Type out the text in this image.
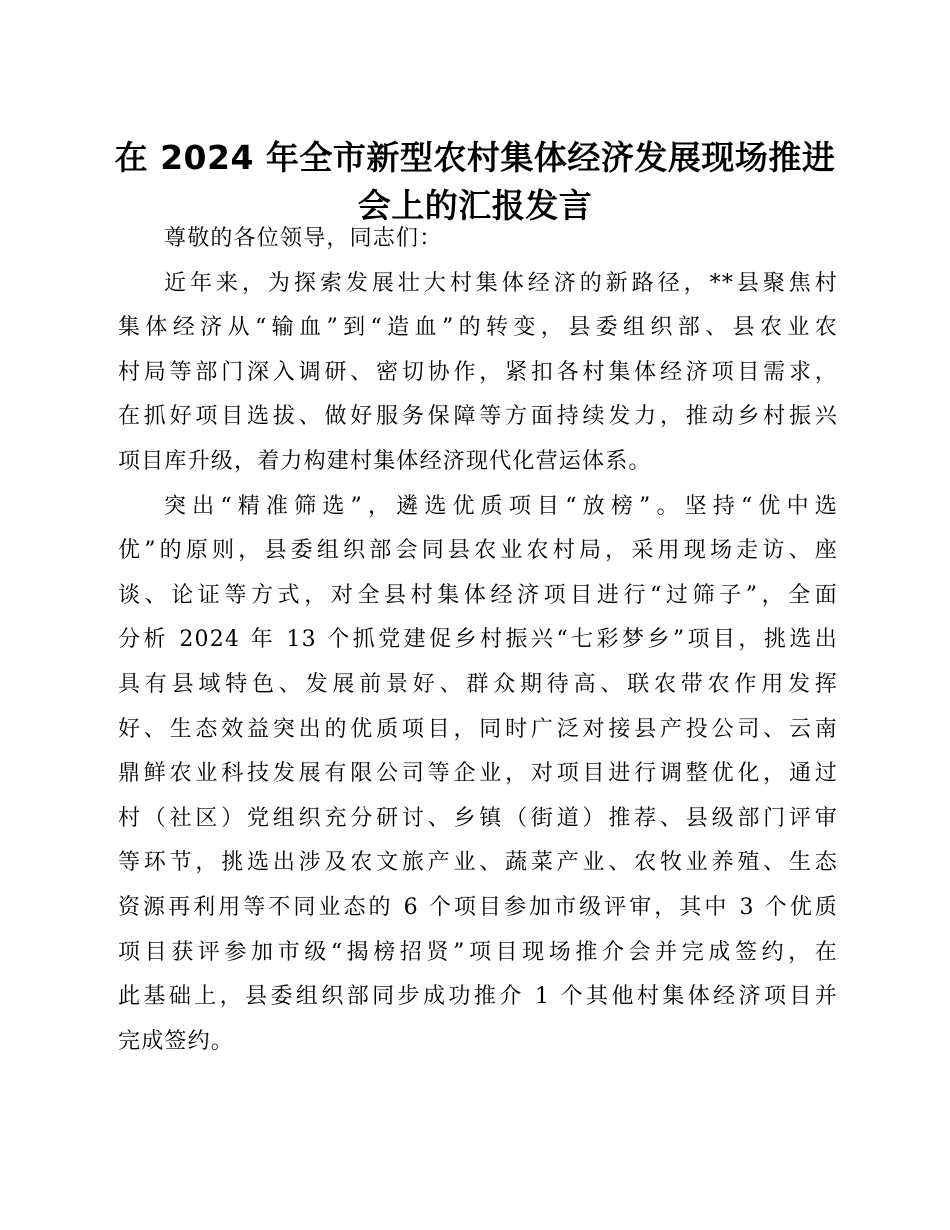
在 2024 年全市新型农村集体经济发展现场推进
会上的汇报发言
尊敬的各位领导，同志们：
近年来，为探索发展壮大村集体经济的新路径，**县聚焦村
集体经济从“输血”到“造血”的转变，县委组织部、县农业农
村局等部门深入调研、密切协作，紧扣各村集体经济项目需求，
在抓好项目选拔、做好服务保障等方面持续发力，推动乡村振兴
项目库升级，着力构建村集体经济现代化营运体系。
突出“精准筛选”，遴选优质项目“放榜”。坚持“优中选
优”的原则，县委组织部会同县农业农村局，采用现场走访、座
谈、论证等方式，对全县村集体经济项目进行“过筛子”，全面
分析 2024 年 13 个抓党建促乡村振兴“七彩梦乡”项目，挑选出
具有县域特色、发展前景好、群众期待高、联农带农作用发挥
好、生态效益突出的优质项目，同时广泛对接县产投公司、云南
鼎鲜农业科技发展有限公司等企业，对项目进行调整优化，通过
村（社区）党组织充分研讨、乡镇（街道）推荐、县级部门评审
等环节，挑选出涉及农文旅产业、蔬菜产业、农牧业养殖、生态
资源再利用等不同业态的 6 个项目参加市级评审，其中 3 个优质
项目获评参加市级“揭榜招贤”项目现场推介会并完成签约，在
此基础上，县委组织部同步成功推介 1 个其他村集体经济项目并
完成签约。
